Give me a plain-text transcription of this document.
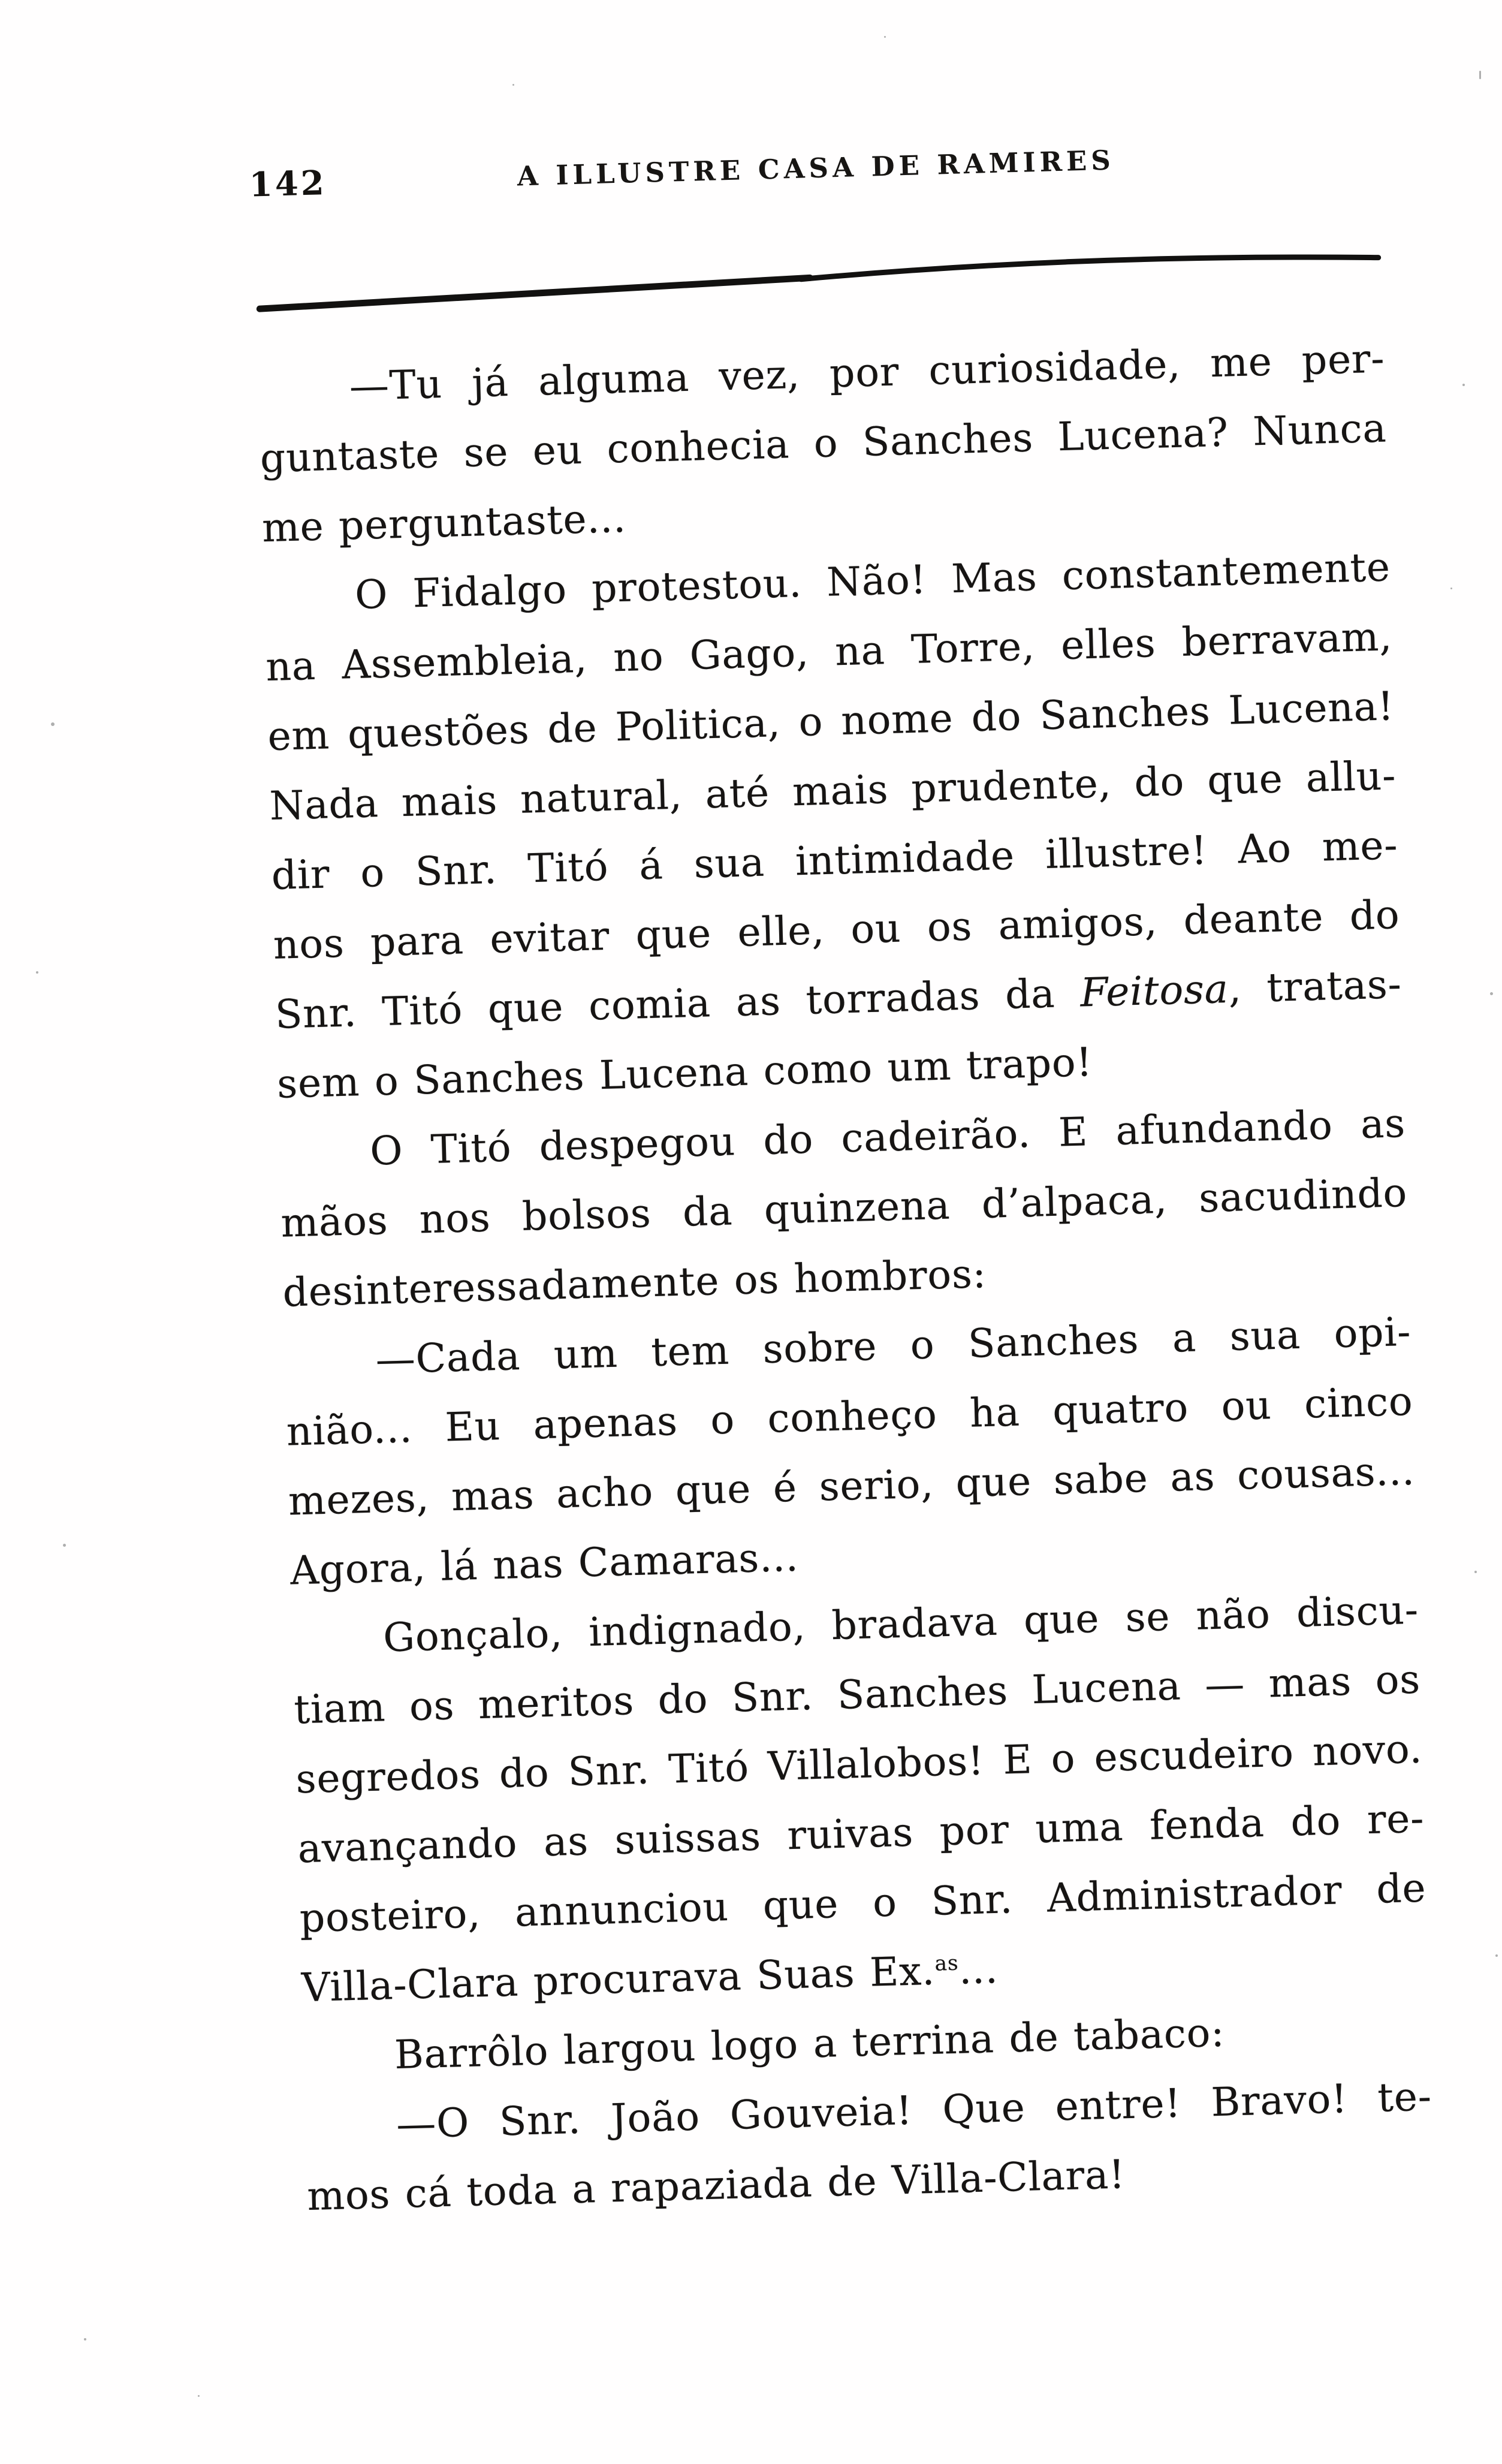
142	A ILLUSTRE CASA DE RAMIRES
—Tu já alguma vez, por curiosidade, me per-
guntaste se eu conhecia o Sanches Lucena? Nunca
me perguntaste...
O Fidalgo protestou. Não! Mas constantemente
na Assembleia, no Gago, na Torre, elles berravam,
em questões de Politica, o nome do Sanches Lucena!
Nada mais natural, até mais prudente, do que allu-
dir o Snr. Titó á sua intimidade illustre! Ao me-
nos para evitar que elle, ou os amigos, deante do
Snr. Titó que comia as torradas da Feitosa, tratas-
sem o Sanches Lucena como um trapo!
O Titó despegou do cadeirão. E afundando as
mãos nos bolsos da quinzena d’alpaca, sacudindo
desinteressadamente os hombros:
—Cada um tem sobre o Sanches a sua opi-
nião... Eu apenas o conheço ha quatro ou cinco
mezes, mas acho que é serio, que sabe as cousas...
Agora, lá nas Camaras...
Gonçalo, indignado, bradava que se não discu-
tiam os meritos do Snr. Sanches Lucena — mas os
segredos do Snr. Titó Villalobos! E o escudeiro novo.
avançando as suissas ruivas por uma fenda do re-
posteiro, annunciou que o Snr. Administrador de
Villa-Clara procurava Suas Ex.$^{as}$...
Barrôlo largou logo a terrina de tabaco:
—O Snr. João Gouveia! Que entre! Bravo! te-
mos cá toda a rapaziada de Villa-Clara!
